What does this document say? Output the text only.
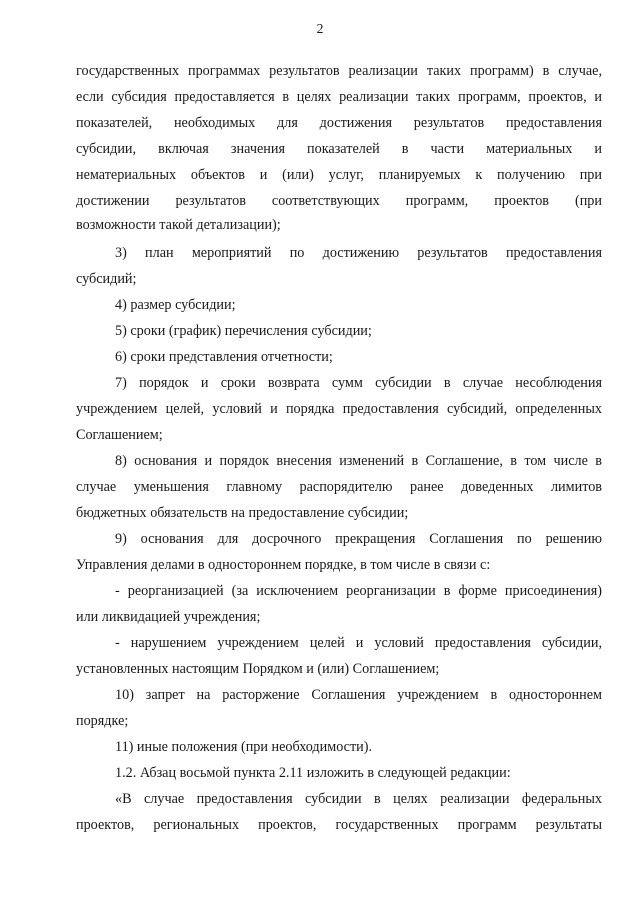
2
государственных программах результатов реализации таких программ) в случае,
если субсидия предоставляется в целях реализации таких программ, проектов, и
показателей, необходимых для достижения результатов предоставления
субсидии, включая значения показателей в части материальных и
нематериальных объектов и (или) услуг, планируемых к получению при
достижении результатов соответствующих программ, проектов (при
возможности такой детализации);
3) план мероприятий по достижению результатов предоставления
субсидий;
4) размер субсидии;
5) сроки (график) перечисления субсидии;
6) сроки представления отчетности;
7) порядок и сроки возврата сумм субсидии в случае несоблюдения
учреждением целей, условий и порядка предоставления субсидий, определенных
Соглашением;
8) основания и порядок внесения изменений в Соглашение, в том числе в
случае уменьшения главному распорядителю ранее доведенных лимитов
бюджетных обязательств на предоставление субсидии;
9) основания для досрочного прекращения Соглашения по решению
Управления делами в одностороннем порядке, в том числе в связи с:
- реорганизацией (за исключением реорганизации в форме присоединения)
или ликвидацией учреждения;
- нарушением учреждением целей и условий предоставления субсидии,
установленных настоящим Порядком и (или) Соглашением;
10) запрет на расторжение Соглашения учреждением в одностороннем
порядке;
11) иные положения (при необходимости).
1.2. Абзац восьмой пункта 2.11 изложить в следующей редакции:
«В случае предоставления субсидии в целях реализации федеральных
проектов, региональных проектов, государственных программ результаты
